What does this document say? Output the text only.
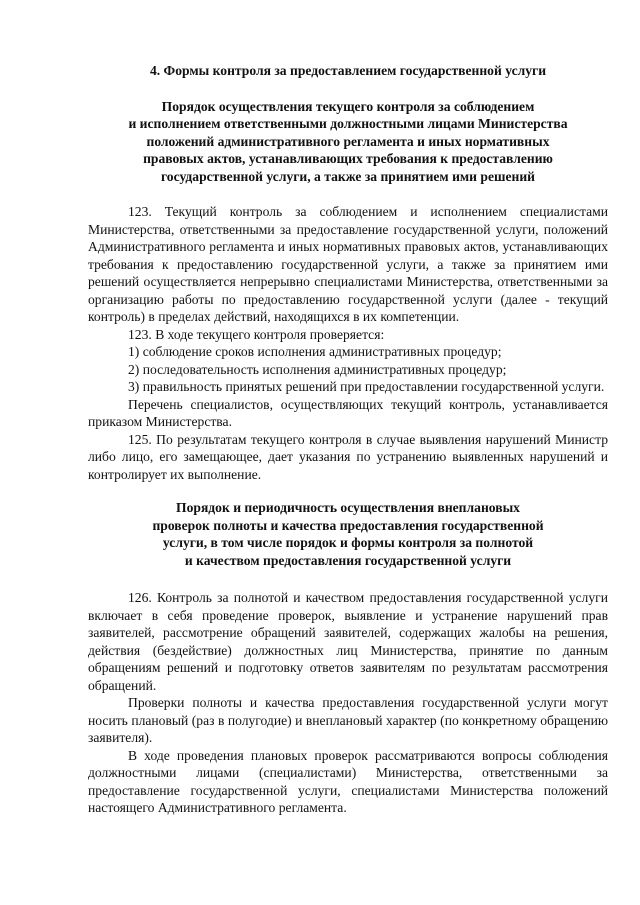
4. Формы контроля за предоставлением государственной услуги
Порядок осуществления текущего контроля за соблюдением
и исполнением ответственными должностными лицами Министерства
положений административного регламента и иных нормативных
правовых актов, устанавливающих требования к предоставлению
государственной услуги, а также за принятием ими решений

123. Текущий контроль за соблюдением и исполнением специалистами Министерства, ответственными за предоставление государственной услуги, положений Административного регламента и иных нормативных правовых актов, устанавливающих требования к предоставлению государственной услуги, а также за принятием ими решений осуществляется непрерывно специалистами Министерства, ответственными за организацию работы по предоставлению государственной услуги (далее - текущий контроль) в пределах действий, находящихся в их компетенции.

123. В ходе текущего контроля проверяется:

1) соблюдение сроков исполнения административных процедур;

2) последовательность исполнения административных процедур;

3) правильность принятых решений при предоставлении государственной услуги.

Перечень специалистов, осуществляющих текущий контроль, устанавливается приказом Министерства.

125. По результатам текущего контроля в случае выявления нарушений Министр либо лицо, его замещающее, дает указания по устранению выявленных нарушений и контролирует их выполнение.

Порядок и периодичность осуществления внеплановых
проверок полноты и качества предоставления государственной
услуги, в том числе порядок и формы контроля за полнотой
и качеством предоставления государственной услуги

126. Контроль за полнотой и качеством предоставления государственной услуги включает в себя проведение проверок, выявление и устранение нарушений прав заявителей, рассмотрение обращений заявителей, содержащих жалобы на решения, действия (бездействие) должностных лиц Министерства, принятие по данным обращениям решений и подготовку ответов заявителям по результатам рассмотрения обращений.

Проверки полноты и качества предоставления государственной услуги могут носить плановый (раз в полугодие) и внеплановый характер (по конкретному обращению заявителя).

В ходе проведения плановых проверок рассматриваются вопросы соблюдения должностными лицами (специалистами) Министерства, ответственными за предоставление государственной услуги, специалистами Министерства положений настоящего Административного регламента.
